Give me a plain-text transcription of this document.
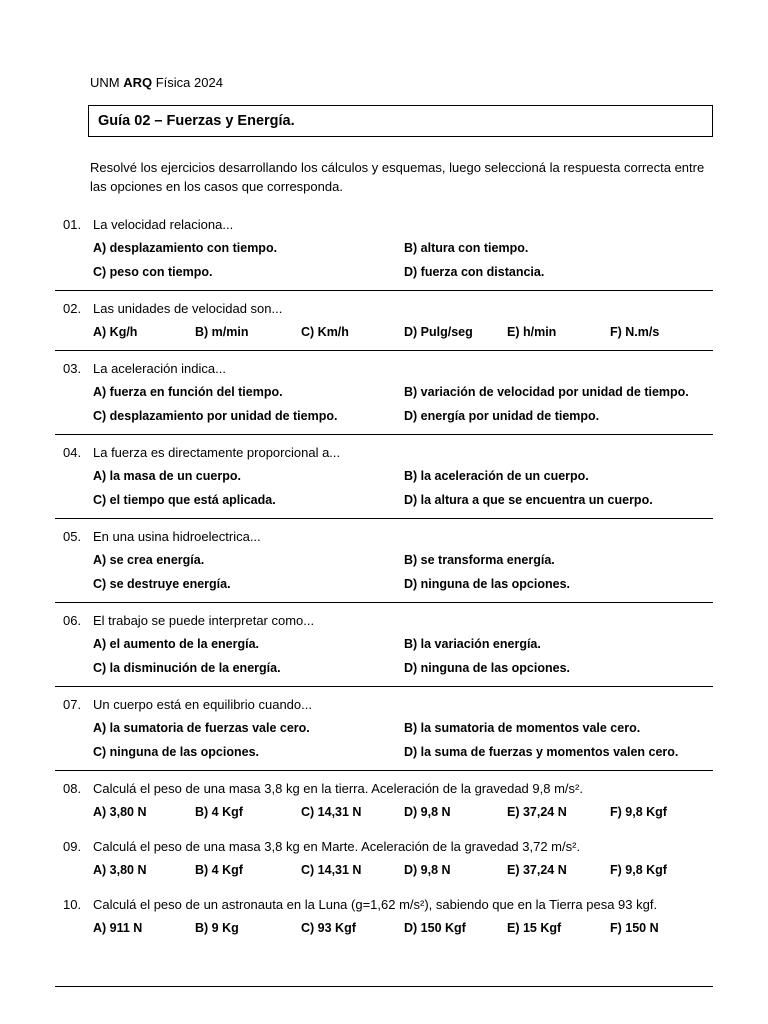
UNM ARQ Física 2024
Guía 02 – Fuerzas y Energía.
Resolvé los ejercicios desarrollando los cálculos y esquemas, luego seleccioná la respuesta correcta entre las opciones en los casos que corresponda.
01. La velocidad relaciona...
A) desplazamiento con tiempo.	B) altura con tiempo.
C) peso con tiempo.	D) fuerza con distancia.
02. Las unidades de velocidad son...
A) Kg/h	B) m/min	C) Km/h	D) Pulg/seg	E) h/min	F) N.m/s
03. La aceleración indica...
A) fuerza en función del tiempo.	B) variación de velocidad por unidad de tiempo.
C) desplazamiento por unidad de tiempo.	D) energía por unidad de tiempo.
04. La fuerza es directamente proporcional a...
A) la masa de un cuerpo.	B) la aceleración de un cuerpo.
C) el tiempo que está aplicada.	D) la altura a que se encuentra un cuerpo.
05. En una usina hidroelectrica...
A) se crea energía.	B) se transforma energía.
C) se destruye energía.	D) ninguna de las opciones.
06. El trabajo se puede interpretar como...
A) el aumento de la energía.	B) la variación energía.
C) la disminución de la energía.	D) ninguna de las opciones.
07. Un cuerpo está en equilibrio cuando...
A) la sumatoria de fuerzas vale cero.	B) la sumatoria de momentos vale cero.
C) ninguna de las opciones.	D) la suma de fuerzas y momentos valen cero.
08. Calculá el peso de una masa 3,8 kg en la tierra. Aceleración de la gravedad 9,8 m/s².
A) 3,80 N	B) 4 Kgf	C) 14,31 N	D) 9,8 N	E) 37,24 N	F) 9,8 Kgf
09. Calculá el peso de una masa 3,8 kg en Marte. Aceleración de la gravedad 3,72 m/s².
A) 3,80 N	B) 4 Kgf	C) 14,31 N	D) 9,8 N	E) 37,24 N	F) 9,8 Kgf
10. Calculá el peso de un astronauta en la Luna (g=1,62 m/s²), sabiendo que en la Tierra pesa 93 kgf.
A) 911 N	B) 9 Kg	C) 93 Kgf	D) 150 Kgf	E) 15 Kgf	F) 150 N
